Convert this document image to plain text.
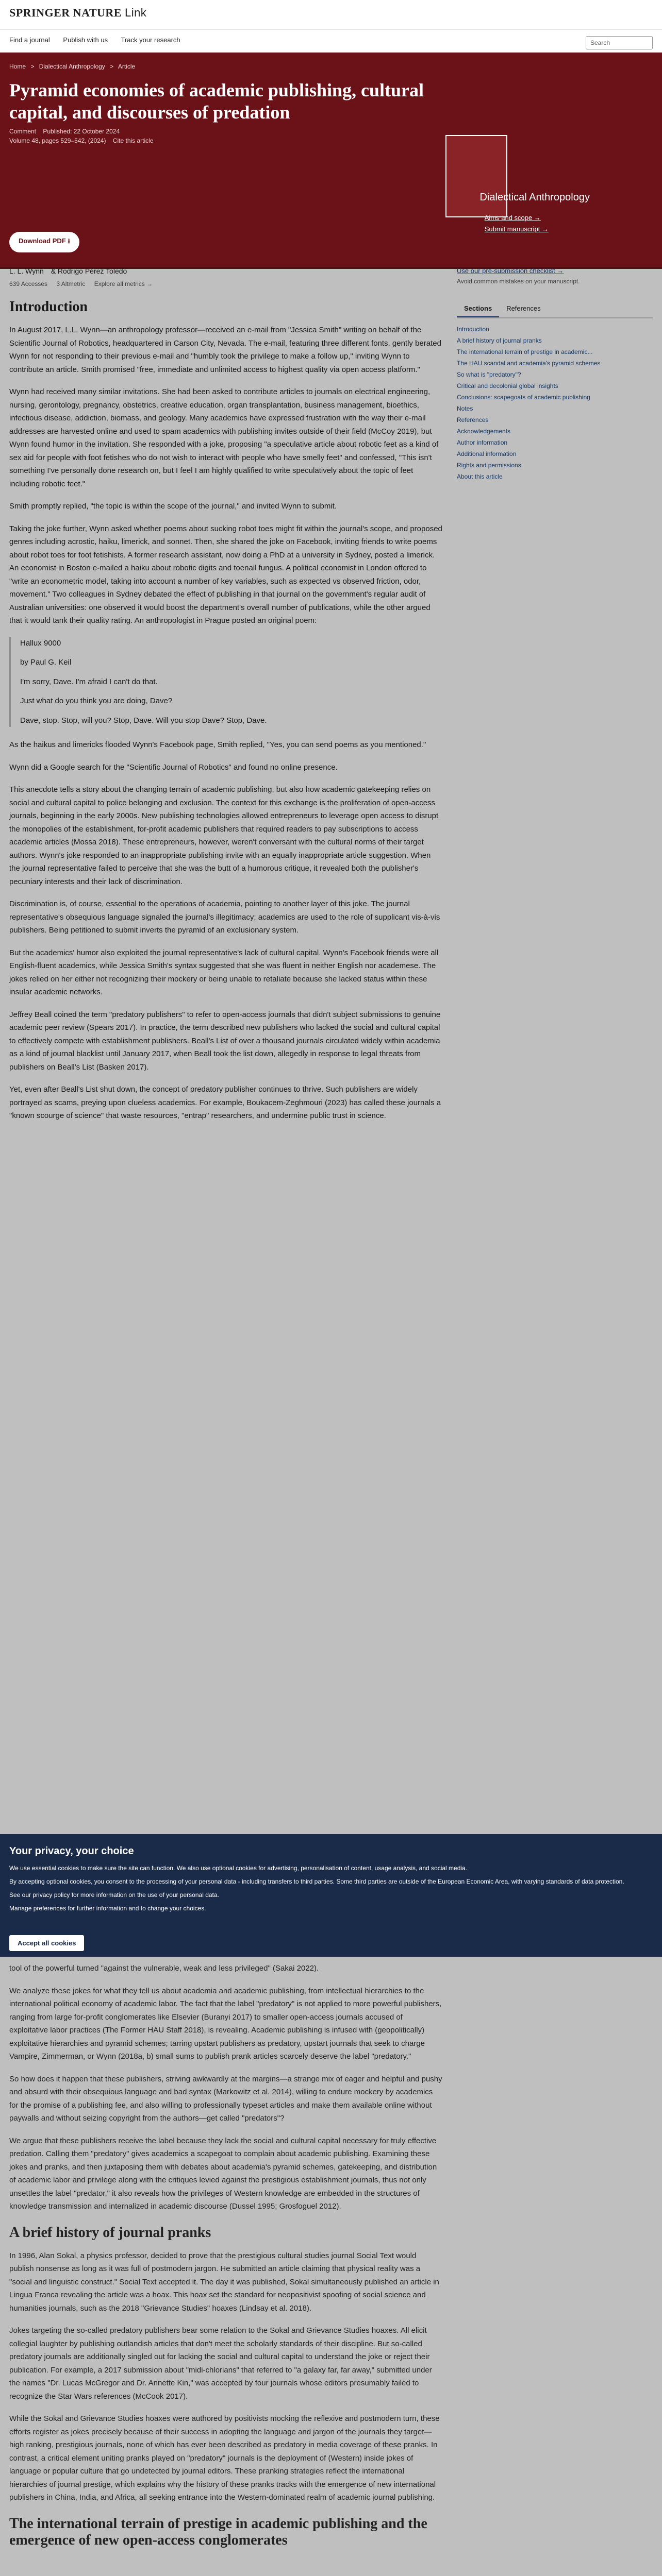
SPRINGER NATURE Link
Find a journal Publish with us Track your research	Search
Home > Dialectical Anthropology > Article
Pyramid economies of academic publishing, cultural capital, and discourses of predation
Comment Published: 22 October 2024
Volume 48, pages 529–542, (2024) Cite this article
Dialectical Anthropology
Aims and scope →
Submit manuscript →
Download PDF ⭳
L. L. Wynn & Rodrigo Pérez Toledo
639 Accesses 3 Altmetric Explore all metrics →
Introduction

In August 2017, L.L. Wynn—an anthropology professor—received an e-mail from "Jessica Smith" writing on behalf of the Scientific Journal of Robotics, headquartered in Carson City, Nevada. The e-mail, featuring three different fonts, gently berated Wynn for not responding to their previous e-mail and "humbly took the privilege to make a follow up," inviting Wynn to contribute an article. Smith promised "free, immediate and unlimited access to highest quality via open access platform."

Wynn had received many similar invitations. She had been asked to contribute articles to journals on electrical engineering, nursing, gerontology, pregnancy, obstetrics, creative education, organ transplantation, business management, bioethics, infectious disease, addiction, biomass, and geology. Many academics have expressed frustration with the way their e-mail addresses are harvested online and used to spam academics with publishing invites outside of their field (McCoy 2019), but Wynn found humor in the invitation. She responded with a joke, proposing "a speculative article about robotic feet as a kind of sex aid for people with foot fetishes who do not wish to interact with people who have smelly feet" and confessed, "This isn't something I've personally done research on, but I feel I am highly qualified to write speculatively about the topic of feet including robotic feet."

Smith promptly replied, "the topic is within the scope of the journal," and invited Wynn to submit.

Taking the joke further, Wynn asked whether poems about sucking robot toes might fit within the journal's scope, and proposed genres including acrostic, haiku, limerick, and sonnet. Then, she shared the joke on Facebook, inviting friends to write poems about robot toes for foot fetishists. A former research assistant, now doing a PhD at a university in Sydney, posted a limerick. An economist in Boston e-mailed a haiku about robotic digits and toenail fungus. A political economist in London offered to "write an econometric model, taking into account a number of key variables, such as expected vs observed friction, odor, movement." Two colleagues in Sydney debated the effect of publishing in that journal on the government's regular audit of Australian universities: one observed it would boost the department's overall number of publications, while the other argued that it would tank their quality rating. An anthropologist in Prague posted an original poem:

Hallux 9000

by Paul G. Keil

I'm sorry, Dave. I'm afraid I can't do that.

Just what do you think you are doing, Dave?

Dave, stop. Stop, will you? Stop, Dave. Will you stop Dave? Stop, Dave.

As the haikus and limericks flooded Wynn's Facebook page, Smith replied, "Yes, you can send poems as you mentioned."

Wynn did a Google search for the "Scientific Journal of Robotics" and found no online presence.

This anecdote tells a story about the changing terrain of academic publishing, but also how academic gatekeeping relies on social and cultural capital to police belonging and exclusion. The context for this exchange is the proliferation of open-access journals, beginning in the early 2000s. New publishing technologies allowed entrepreneurs to leverage open access to disrupt the monopolies of the establishment, for-profit academic publishers that required readers to pay subscriptions to access academic articles (Mossa 2018). These entrepreneurs, however, weren't conversant with the cultural norms of their target authors. Wynn's joke responded to an inappropriate publishing invite with an equally inappropriate article suggestion. When the journal representative failed to perceive that she was the butt of a humorous critique, it revealed both the publisher's pecuniary interests and their lack of discrimination.

Discrimination is, of course, essential to the operations of academia, pointing to another layer of this joke. The journal representative's obsequious language signaled the journal's illegitimacy; academics are used to the role of supplicant vis-à-vis publishers. Being petitioned to submit inverts the pyramid of an exclusionary system.

But the academics' humor also exploited the journal representative's lack of cultural capital. Wynn's Facebook friends were all English-fluent academics, while Jessica Smith's syntax suggested that she was fluent in neither English nor academese. The jokes relied on her either not recognizing their mockery or being unable to retaliate because she lacked status within these insular academic networks.

Jeffrey Beall coined the term "predatory publishers" to refer to open-access journals that didn't subject submissions to genuine academic peer review (Spears 2017). In practice, the term described new publishers who lacked the social and cultural capital to effectively compete with establishment publishers. Beall's List of over a thousand journals circulated widely within academia as a kind of journal blacklist until January 2017, when Beall took the list down, allegedly in response to legal threats from publishers on Beall's List (Basken 2017).

Yet, even after Beall's List shut down, the concept of predatory publisher continues to thrive. Such publishers are widely portrayed as scams, preying upon clueless academics. For example, Boukacem-Zeghmouri (2023) has called these journals a "known scourge of science" that waste resources, "entrap" researchers, and undermine public trust in science.

Use our pre-submission checklist →
Avoid common mistakes on your manuscript.
Sections	References
Introduction
A brief history of journal pranks
The international terrain of prestige in academic...
The HAU scandal and academia's pyramid schemes
So what is "predatory"?
Critical and decolonial global insights
Conclusions: scapegoats of academic publishing
Notes
References
Acknowledgements
Author information
Additional information
Rights and permissions
About this article
Your privacy, your choice

We use essential cookies to make sure the site can function. We also use optional cookies for advertising, personalisation of content, usage analysis, and social media.

By accepting optional cookies, you consent to the processing of your personal data - including transfers to third parties. Some third parties are outside of the European Economic Area, with varying standards of data protection.

See our privacy policy for more information on the use of your personal data.

Manage preferences for further information and to change your choices.

Accept all cookies

tool of the powerful turned "against the vulnerable, weak and less privileged" (Sakai 2022).

We analyze these jokes for what they tell us about academia and academic publishing, from intellectual hierarchies to the international political economy of academic labor. The fact that the label "predatory" is not applied to more powerful publishers, ranging from large for-profit conglomerates like Elsevier (Buranyi 2017) to smaller open-access journals accused of exploitative labor practices (The Former HAU Staff 2018), is revealing. Academic publishing is infused with (geopolitically) exploitative hierarchies and pyramid schemes; tarring upstart publishers as predatory, upstart journals that seek to charge Vampire, Zimmerman, or Wynn (2018a, b) small sums to publish prank articles scarcely deserve the label "predatory."

So how does it happen that these publishers, striving awkwardly at the margins—a strange mix of eager and helpful and pushy and absurd with their obsequious language and bad syntax (Markowitz et al. 2014), willing to endure mockery by academics for the promise of a publishing fee, and also willing to professionally typeset articles and make them available online without paywalls and without seizing copyright from the authors—get called "predators"?

We argue that these publishers receive the label because they lack the social and cultural capital necessary for truly effective predation. Calling them "predatory" gives academics a scapegoat to complain about academic publishing. Examining these jokes and pranks, and then juxtaposing them with debates about academia's pyramid schemes, gatekeeping, and distribution of academic labor and privilege along with the critiques levied against the prestigious establishment journals, thus not only unsettles the label "predator," it also reveals how the privileges of Western knowledge are embedded in the structures of knowledge transmission and internalized in academic discourse (Dussel 1995; Grosfoguel 2012).

A brief history of journal pranks

In 1996, Alan Sokal, a physics professor, decided to prove that the prestigious cultural studies journal Social Text would publish nonsense as long as it was full of postmodern jargon. He submitted an article claiming that physical reality was a "social and linguistic construct." Social Text accepted it. The day it was published, Sokal simultaneously published an article in Lingua Franca revealing the article was a hoax. This hoax set the standard for neopositivist spoofing of social science and humanities journals, such as the 2018 "Grievance Studies" hoaxes (Lindsay et al. 2018).

Jokes targeting the so-called predatory publishers bear some relation to the Sokal and Grievance Studies hoaxes. All elicit collegial laughter by publishing outlandish articles that don't meet the scholarly standards of their discipline. But so-called predatory journals are additionally singled out for lacking the social and cultural capital to understand the joke or reject their publication. For example, a 2017 submission about "midi-chlorians" that referred to "a galaxy far, far away," submitted under the names "Dr. Lucas McGregor and Dr. Annette Kin," was accepted by four journals whose editors presumably failed to recognize the Star Wars references (McCook 2017).

While the Sokal and Grievance Studies hoaxes were authored by positivists mocking the reflexive and postmodern turn, these efforts register as jokes precisely because of their success in adopting the language and jargon of the journals they target—high ranking, prestigious journals, none of which has ever been described as predatory in media coverage of these pranks. In contrast, a critical element uniting pranks played on "predatory" journals is the deployment of (Western) inside jokes of language or popular culture that go undetected by journal editors. These pranking strategies reflect the international hierarchies of journal prestige, which explains why the history of these pranks tracks with the emergence of new international publishers in China, India, and Africa, all seeking entrance into the Western-dominated realm of academic journal publishing.

The international terrain of prestige in academic publishing and the emergence of new open-access conglomerates
